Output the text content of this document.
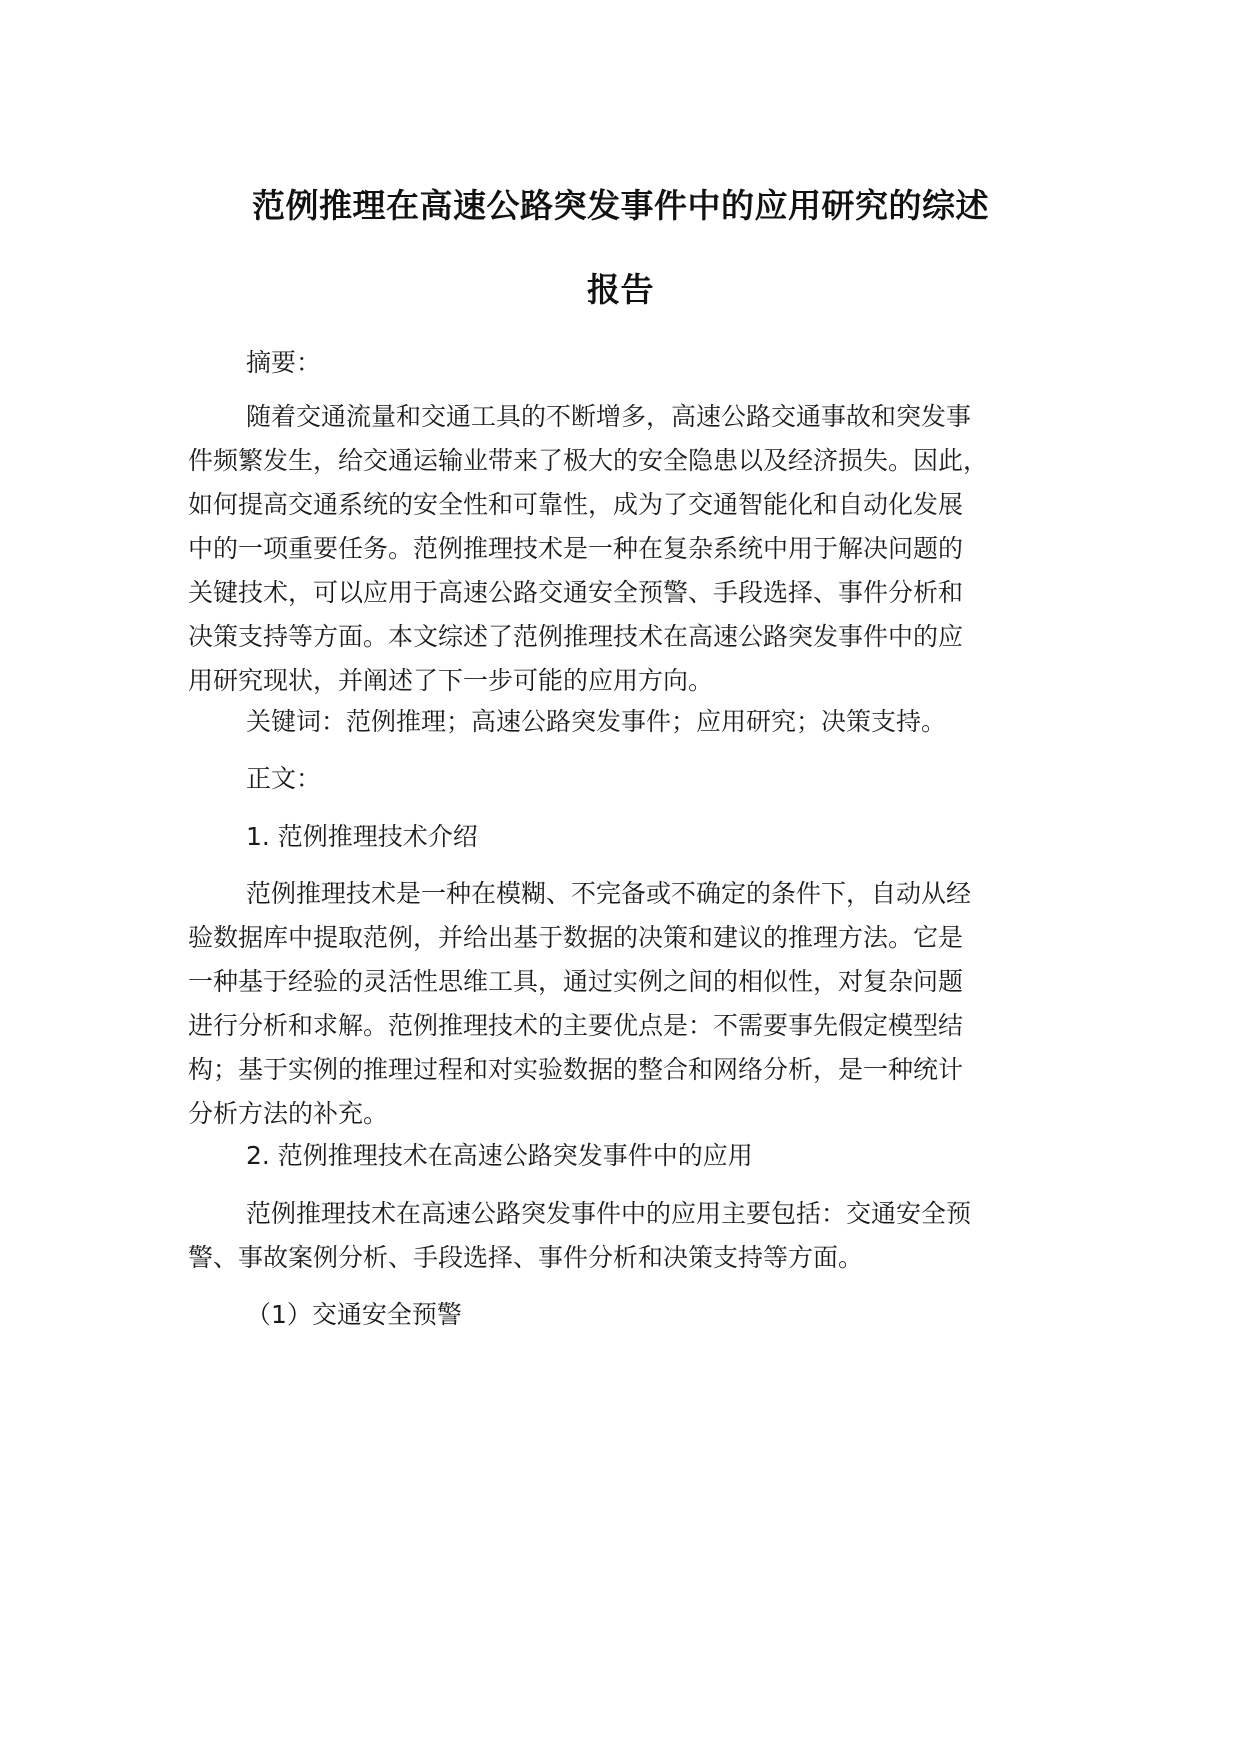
范例推理在高速公路突发事件中的应用研究的综述
报告
摘要：
随着交通流量和交通工具的不断增多，高速公路交通事故和突发事
件频繁发生，给交通运输业带来了极大的安全隐患以及经济损失。因此，
如何提高交通系统的安全性和可靠性，成为了交通智能化和自动化发展
中的一项重要任务。范例推理技术是一种在复杂系统中用于解决问题的
关键技术，可以应用于高速公路交通安全预警、手段选择、事件分析和
决策支持等方面。本文综述了范例推理技术在高速公路突发事件中的应
用研究现状，并阐述了下一步可能的应用方向。
关键词：范例推理；高速公路突发事件；应用研究；决策支持。
正文：
1. 范例推理技术介绍
范例推理技术是一种在模糊、不完备或不确定的条件下，自动从经
验数据库中提取范例，并给出基于数据的决策和建议的推理方法。它是
一种基于经验的灵活性思维工具，通过实例之间的相似性，对复杂问题
进行分析和求解。范例推理技术的主要优点是：不需要事先假定模型结
构；基于实例的推理过程和对实验数据的整合和网络分析，是一种统计
分析方法的补充。
2. 范例推理技术在高速公路突发事件中的应用
范例推理技术在高速公路突发事件中的应用主要包括：交通安全预
警、事故案例分析、手段选择、事件分析和决策支持等方面。
（1）交通安全预警
